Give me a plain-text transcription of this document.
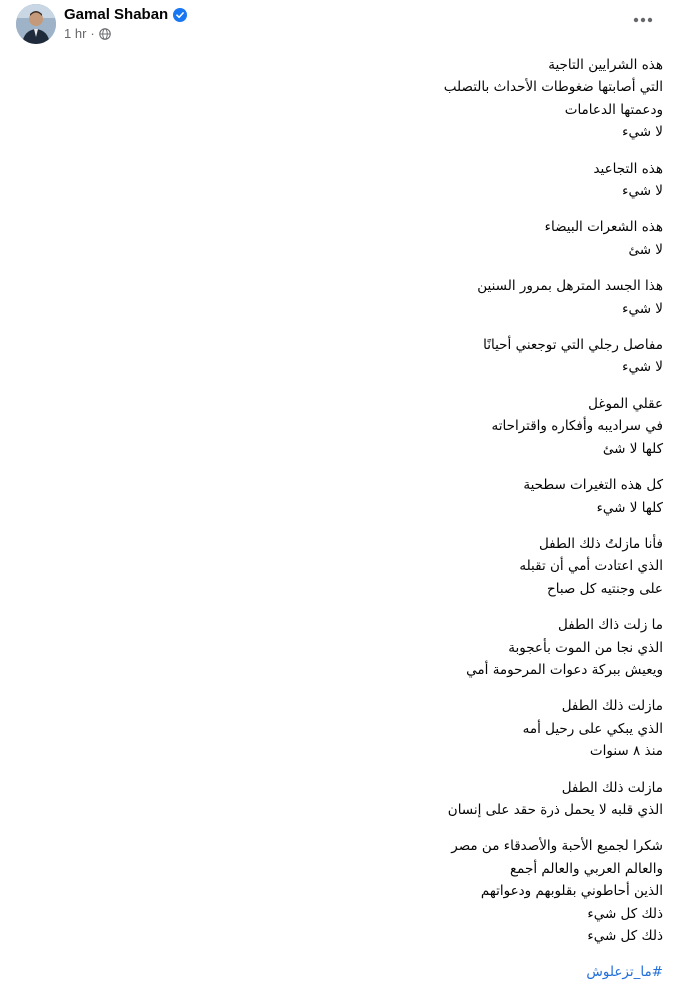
Gamal Shaban
1 hr ·
هذه الشرايين التاجية
التي أصابتها ضغوطات الأحداث بالتصلب
ودعمتها الدعامات
لا شيء
هذه التجاعيد
لا شيء
هذه الشعرات البيضاء
لا شئ
هذا الجسد المترهل بمرور السنين
لا شيء
مفاصل رجلي التي توجعني أحيانًا
لا شيء
عقلي الموغل
في سراديبه وأفكاره واقتراحاته
كلها لا شئ
كل هذه التغيرات سطحية
كلها لا شيء
فأنا مازلتُ ذلك الطفل
الذي اعتادت أمي أن تقبله
على وجنتيه كل صباح
ما زلت ذاك الطفل
الذي نجا من الموت بأعجوبة
ويعيش ببركة دعوات المرحومة أمي
مازلت ذلك الطفل
الذي يبكي على رحيل أمه
منذ ٨ سنوات
مازلت ذلك الطفل
الذي قلبه لا يحمل ذرة حقد على إنسان
شكرا لجميع الأحبة والأصدقاء من مصر
والعالم العربي والعالم أجمع
الذين أحاطوني بقلوبهم ودعواتهم
ذلك كل شيء
ذلك كل شيء
#ما_تزعلوش
